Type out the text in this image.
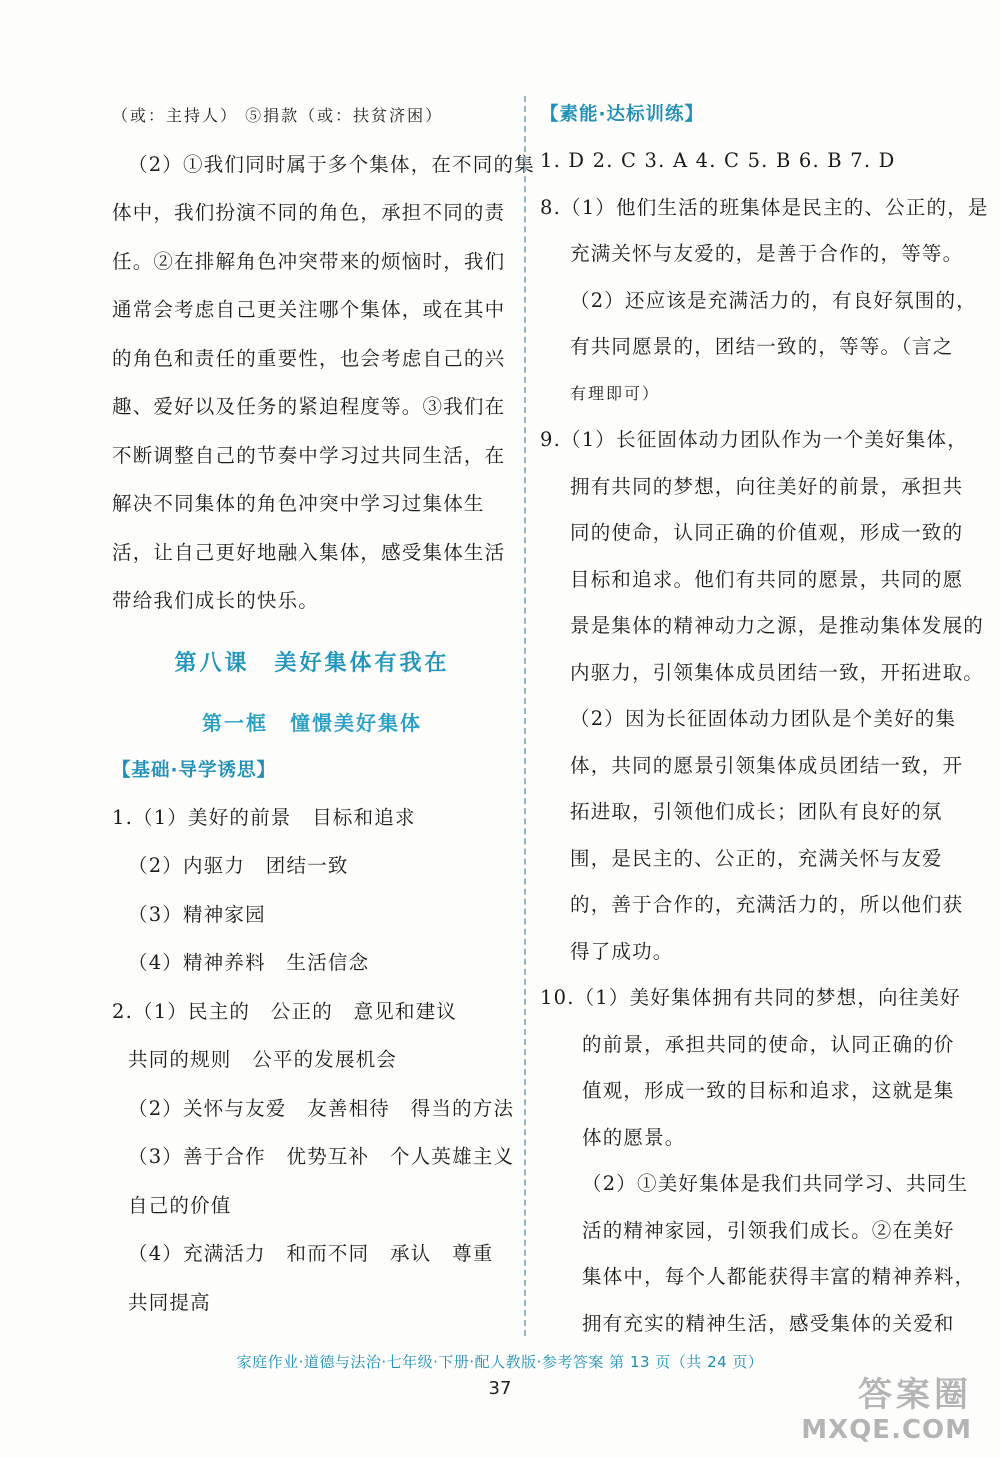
（或：主持人） ⑤捐款（或：扶贫济困）

（2）①我们同时属于多个集体，在不同的集

体中，我们扮演不同的角色，承担不同的责

任。②在排解角色冲突带来的烦恼时，我们

通常会考虑自己更关注哪个集体，或在其中

的角色和责任的重要性，也会考虑自己的兴

趣、爱好以及任务的紧迫程度等。③我们在

不断调整自己的节奏中学习过共同生活，在

解决不同集体的角色冲突中学习过集体生

活，让自己更好地融入集体，感受集体生活

带给我们成长的快乐。

第八课　美好集体有我在

第一框　憧憬美好集体

【基础·导学诱思】

1.（1）美好的前景　目标和追求

（2）内驱力　团结一致

（3）精神家园

（4）精神养料　生活信念

2.（1）民主的　公正的　意见和建议

共同的规则　公平的发展机会

（2）关怀与友爱　友善相待　得当的方法

（3）善于合作　优势互补　个人英雄主义

自己的价值

（4）充满活力　和而不同　承认　尊重

共同提高

【素能·达标训练】

1. D 2. C 3. A 4. C 5. B 6. B 7. D

8.（1）他们生活的班集体是民主的、公正的，是

充满关怀与友爱的，是善于合作的，等等。

（2）还应该是充满活力的，有良好氛围的，

有共同愿景的，团结一致的，等等。（言之

有理即可）

9.（1）长征固体动力团队作为一个美好集体，

拥有共同的梦想，向往美好的前景，承担共

同的使命，认同正确的价值观，形成一致的

目标和追求。他们有共同的愿景，共同的愿

景是集体的精神动力之源，是推动集体发展的

内驱力，引领集体成员团结一致，开拓进取。

（2）因为长征固体动力团队是个美好的集

体，共同的愿景引领集体成员团结一致，开

拓进取，引领他们成长；团队有良好的氛

围，是民主的、公正的，充满关怀与友爱

的，善于合作的，充满活力的，所以他们获

得了成功。

10.（1）美好集体拥有共同的梦想，向往美好

的前景，承担共同的使命，认同正确的价

值观，形成一致的目标和追求，这就是集

体的愿景。

（2）①美好集体是我们共同学习、共同生

活的精神家园，引领我们成长。②在美好

集体中，每个人都能获得丰富的精神养料，

拥有充实的精神生活，感受集体的关爱和

家庭作业·道德与法治·七年级·下册·配人教版·参考答案 第 13 页（共 24 页）
37	答案圈
MXQE.COM
